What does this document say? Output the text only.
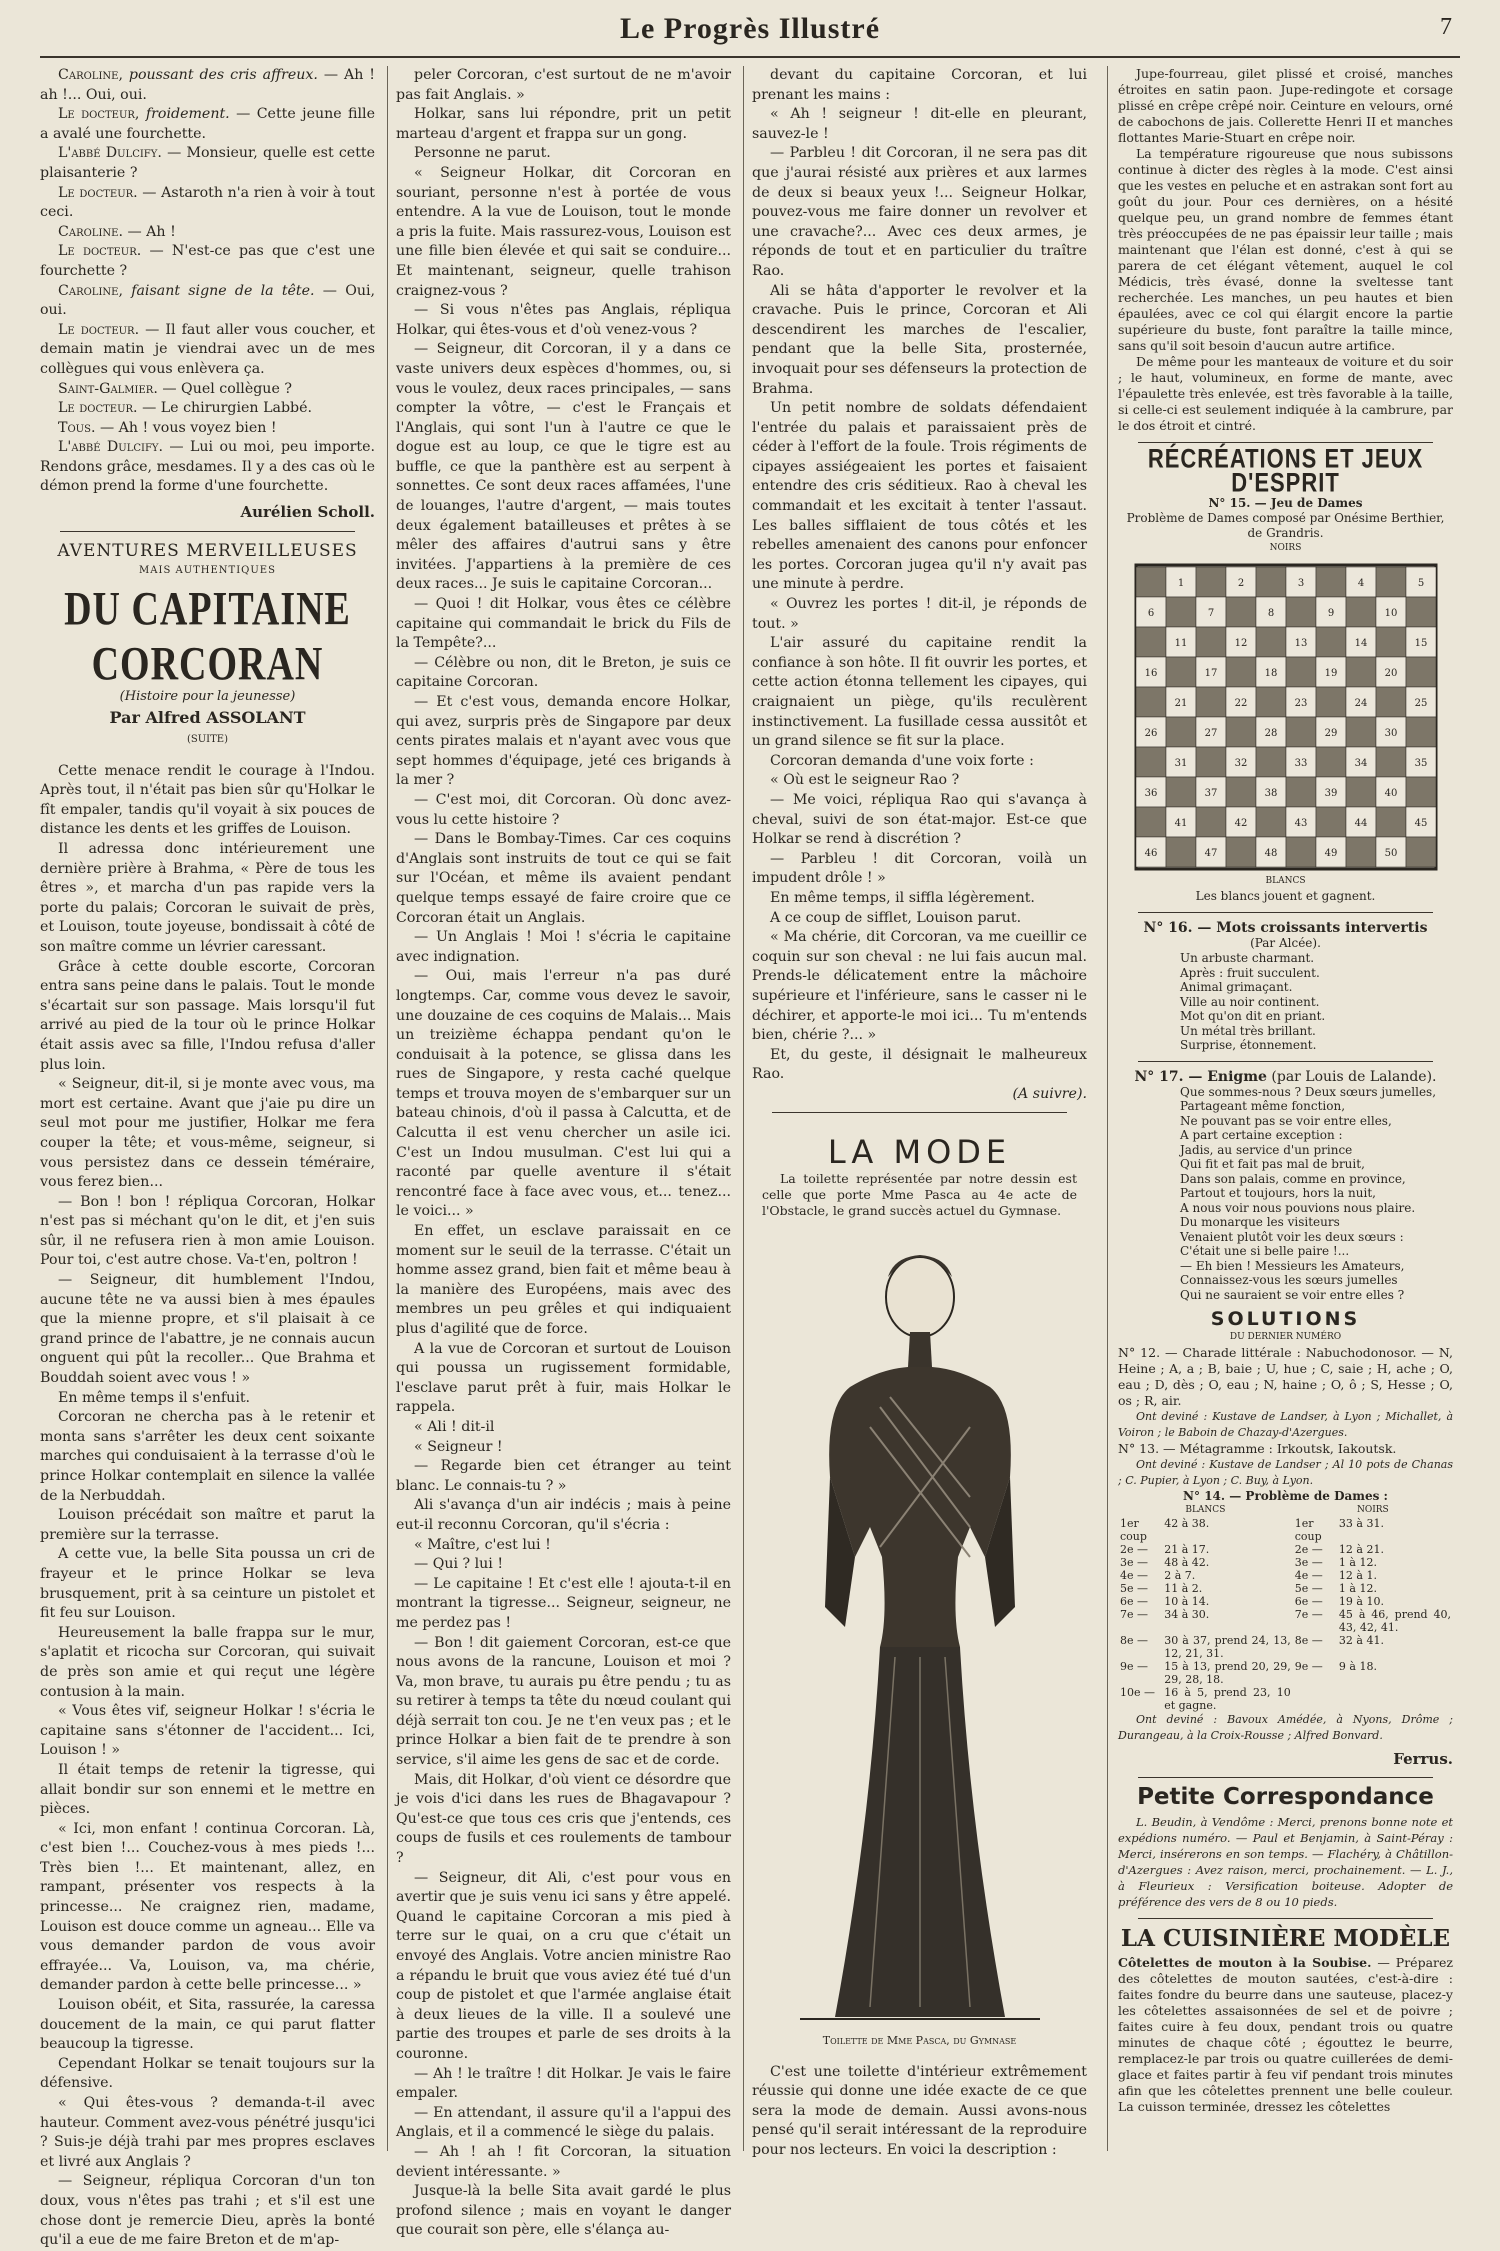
Le Progrès Illustré	7

Caroline, poussant des cris affreux. — Ah ! ah !... Oui, oui.

Le docteur, froidement. — Cette jeune fille a avalé une fourchette.

L'abbé Dulcify. — Monsieur, quelle est cette plaisanterie ?

Le docteur. — Astaroth n'a rien à voir à tout ceci.

Caroline. — Ah !

Le docteur. — N'est-ce pas que c'est une fourchette ?

Caroline, faisant signe de la tête. — Oui, oui.

Le docteur. — Il faut aller vous coucher, et demain matin je viendrai avec un de mes collègues qui vous enlèvera ça.

Saint-Galmier. — Quel collègue ?

Le docteur. — Le chirurgien Labbé.

Tous. — Ah ! vous voyez bien !

L'abbé Dulcify. — Lui ou moi, peu importe. Rendons grâce, mesdames. Il y a des cas où le démon prend la forme d'une fourchette.

Aurélien Scholl.
AVENTURES MERVEILLEUSES
MAIS AUTHENTIQUES
DU CAPITAINE CORCORAN
(Histoire pour la jeunesse)
Par Alfred ASSOLANT
(SUITE)

Cette menace rendit le courage à l'Indou. Après tout, il n'était pas bien sûr qu'Holkar le fît empaler, tandis qu'il voyait à six pouces de distance les dents et les griffes de Louison.

Il adressa donc intérieurement une dernière prière à Brahma, « Père de tous les êtres », et marcha d'un pas rapide vers la porte du palais; Corcoran le suivait de près, et Louison, toute joyeuse, bondissait à côté de son maître comme un lévrier caressant.

Grâce à cette double escorte, Corcoran entra sans peine dans le palais. Tout le monde s'écartait sur son passage. Mais lorsqu'il fut arrivé au pied de la tour où le prince Holkar était assis avec sa fille, l'Indou refusa d'aller plus loin.

« Seigneur, dit-il, si je monte avec vous, ma mort est certaine. Avant que j'aie pu dire un seul mot pour me justifier, Holkar me fera couper la tête; et vous-même, seigneur, si vous persistez dans ce dessein téméraire, vous ferez bien...

— Bon ! bon ! répliqua Corcoran, Holkar n'est pas si méchant qu'on le dit, et j'en suis sûr, il ne refusera rien à mon amie Louison. Pour toi, c'est autre chose. Va-t'en, poltron !

— Seigneur, dit humblement l'Indou, aucune tête ne va aussi bien à mes épaules que la mienne propre, et s'il plaisait à ce grand prince de l'abattre, je ne connais aucun onguent qui pût la recoller... Que Brahma et Bouddah soient avec vous ! »

En même temps il s'enfuit.

Corcoran ne chercha pas à le retenir et monta sans s'arrêter les deux cent soixante marches qui conduisaient à la terrasse d'où le prince Holkar contemplait en silence la vallée de la Nerbuddah.

Louison précédait son maître et parut la première sur la terrasse.

A cette vue, la belle Sita poussa un cri de frayeur et le prince Holkar se leva brusquement, prit à sa ceinture un pistolet et fit feu sur Louison.

Heureusement la balle frappa sur le mur, s'aplatit et ricocha sur Corcoran, qui suivait de près son amie et qui reçut une légère contusion à la main.

« Vous êtes vif, seigneur Holkar ! s'écria le capitaine sans s'étonner de l'accident... Ici, Louison ! »

Il était temps de retenir la tigresse, qui allait bondir sur son ennemi et le mettre en pièces.

« Ici, mon enfant ! continua Corcoran. Là, c'est bien !... Couchez-vous à mes pieds !... Très bien !... Et maintenant, allez, en rampant, présenter vos respects à la princesse... Ne craignez rien, madame, Louison est douce comme un agneau... Elle va vous demander pardon de vous avoir effrayée... Va, Louison, va, ma chérie, demander pardon à cette belle princesse... »

Louison obéit, et Sita, rassurée, la caressa doucement de la main, ce qui parut flatter beaucoup la tigresse.

Cependant Holkar se tenait toujours sur la défensive.

« Qui êtes-vous ? demanda-t-il avec hauteur. Comment avez-vous pénétré jusqu'ici ? Suis-je déjà trahi par mes propres esclaves et livré aux Anglais ?

— Seigneur, répliqua Corcoran d'un ton doux, vous n'êtes pas trahi ; et s'il est une chose dont je remercie Dieu, après la bonté qu'il a eue de me faire Breton et de m'ap-

peler Corcoran, c'est surtout de ne m'avoir pas fait Anglais. »

Holkar, sans lui répondre, prit un petit marteau d'argent et frappa sur un gong.

Personne ne parut.

« Seigneur Holkar, dit Corcoran en souriant, personne n'est à portée de vous entendre. A la vue de Louison, tout le monde a pris la fuite. Mais rassurez-vous, Louison est une fille bien élevée et qui sait se conduire... Et maintenant, seigneur, quelle trahison craignez-vous ?

— Si vous n'êtes pas Anglais, répliqua Holkar, qui êtes-vous et d'où venez-vous ?

— Seigneur, dit Corcoran, il y a dans ce vaste univers deux espèces d'hommes, ou, si vous le voulez, deux races principales, — sans compter la vôtre, — c'est le Français et l'Anglais, qui sont l'un à l'autre ce que le dogue est au loup, ce que le tigre est au buffle, ce que la panthère est au serpent à sonnettes. Ce sont deux races affamées, l'une de louanges, l'autre d'argent, — mais toutes deux également batailleuses et prêtes à se mêler des affaires d'autrui sans y être invitées. J'appartiens à la première de ces deux races... Je suis le capitaine Corcoran...

— Quoi ! dit Holkar, vous êtes ce célèbre capitaine qui commandait le brick du Fils de la Tempête?...

— Célèbre ou non, dit le Breton, je suis ce capitaine Corcoran.

— Et c'est vous, demanda encore Holkar, qui avez, surpris près de Singapore par deux cents pirates malais et n'ayant avec vous que sept hommes d'équipage, jeté ces brigands à la mer ?

— C'est moi, dit Corcoran. Où donc avez-vous lu cette histoire ?

— Dans le Bombay-Times. Car ces coquins d'Anglais sont instruits de tout ce qui se fait sur l'Océan, et même ils avaient pendant quelque temps essayé de faire croire que ce Corcoran était un Anglais.

— Un Anglais ! Moi ! s'écria le capitaine avec indignation.

— Oui, mais l'erreur n'a pas duré longtemps. Car, comme vous devez le savoir, une douzaine de ces coquins de Malais... Mais un treizième échappa pendant qu'on le conduisait à la potence, se glissa dans les rues de Singapore, y resta caché quelque temps et trouva moyen de s'embarquer sur un bateau chinois, d'où il passa à Calcutta, et de Calcutta il est venu chercher un asile ici. C'est un Indou musulman. C'est lui qui a raconté par quelle aventure il s'était rencontré face à face avec vous, et... tenez... le voici... »

En effet, un esclave paraissait en ce moment sur le seuil de la terrasse. C'était un homme assez grand, bien fait et même beau à la manière des Européens, mais avec des membres un peu grêles et qui indiquaient plus d'agilité que de force.

A la vue de Corcoran et surtout de Louison qui poussa un rugissement formidable, l'esclave parut prêt à fuir, mais Holkar le rappela.

« Ali ! dit-il

« Seigneur !

— Regarde bien cet étranger au teint blanc. Le connais-tu ? »

Ali s'avança d'un air indécis ; mais à peine eut-il reconnu Corcoran, qu'il s'écria :

« Maître, c'est lui !

— Qui ? lui !

— Le capitaine ! Et c'est elle ! ajouta-t-il en montrant la tigresse... Seigneur, seigneur, ne me perdez pas !

— Bon ! dit gaiement Corcoran, est-ce que nous avons de la rancune, Louison et moi ? Va, mon brave, tu aurais pu être pendu ; tu as su retirer à temps ta tête du nœud coulant qui déjà serrait ton cou. Je ne t'en veux pas ; et le prince Holkar a bien fait de te prendre à son service, s'il aime les gens de sac et de corde.

Mais, dit Holkar, d'où vient ce désordre que je vois d'ici dans les rues de Bhagavapour ? Qu'est-ce que tous ces cris que j'entends, ces coups de fusils et ces roulements de tambour ?

— Seigneur, dit Ali, c'est pour vous en avertir que je suis venu ici sans y être appelé. Quand le capitaine Corcoran a mis pied à terre sur le quai, on a cru que c'était un envoyé des Anglais. Votre ancien ministre Rao a répandu le bruit que vous aviez été tué d'un coup de pistolet et que l'armée anglaise était à deux lieues de la ville. Il a soulevé une partie des troupes et parle de ses droits à la couronne.

— Ah ! le traître ! dit Holkar. Je vais le faire empaler.

— En attendant, il assure qu'il a l'appui des Anglais, et il a commencé le siège du palais.

— Ah ! ah ! fit Corcoran, la situation devient intéressante. »

Jusque-là la belle Sita avait gardé le plus profond silence ; mais en voyant le danger que courait son père, elle s'élança au-

devant du capitaine Corcoran, et lui prenant les mains :

« Ah ! seigneur ! dit-elle en pleurant, sauvez-le !

— Parbleu ! dit Corcoran, il ne sera pas dit que j'aurai résisté aux prières et aux larmes de deux si beaux yeux !... Seigneur Holkar, pouvez-vous me faire donner un revolver et une cravache?... Avec ces deux armes, je réponds de tout et en particulier du traître Rao.

Ali se hâta d'apporter le revolver et la cravache. Puis le prince, Corcoran et Ali descendirent les marches de l'escalier, pendant que la belle Sita, prosternée, invoquait pour ses défenseurs la protection de Brahma.

Un petit nombre de soldats défendaient l'entrée du palais et paraissaient près de céder à l'effort de la foule. Trois régiments de cipayes assiégeaient les portes et faisaient entendre des cris séditieux. Rao à cheval les commandait et les excitait à tenter l'assaut. Les balles sifflaient de tous côtés et les rebelles amenaient des canons pour enfoncer les portes. Corcoran jugea qu'il n'y avait pas une minute à perdre.

« Ouvrez les portes ! dit-il, je réponds de tout. »

L'air assuré du capitaine rendit la confiance à son hôte. Il fit ouvrir les portes, et cette action étonna tellement les cipayes, qui craignaient un piège, qu'ils reculèrent instinctivement. La fusillade cessa aussitôt et un grand silence se fit sur la place.

Corcoran demanda d'une voix forte :

« Où est le seigneur Rao ?

— Me voici, répliqua Rao qui s'avança à cheval, suivi de son état-major. Est-ce que Holkar se rend à discrétion ?

— Parbleu ! dit Corcoran, voilà un impudent drôle ! »

En même temps, il siffla légèrement.

A ce coup de sifflet, Louison parut.

« Ma chérie, dit Corcoran, va me cueillir ce coquin sur son cheval : ne lui fais aucun mal. Prends-le délicatement entre la mâchoire supérieure et l'inférieure, sans le casser ni le déchirer, et apporte-le moi ici... Tu m'entends bien, chérie ?... »

Et, du geste, il désignait le malheureux Rao.

(A suivre).
LA MODE

La toilette représentée par notre dessin est celle que porte Mme Pasca au 4e acte de l'Obstacle, le grand succès actuel du Gymnase.

Toilette de Mme Pasca, du Gymnase

C'est une toilette d'intérieur extrêmement réussie qui donne une idée exacte de ce que sera la mode de demain. Aussi avons-nous pensé qu'il serait intéressant de la reproduire pour nos lecteurs. En voici la description :

Jupe-fourreau, gilet plissé et croisé, manches étroites en satin paon. Jupe-redingote et corsage plissé en crêpe crêpé noir. Ceinture en velours, orné de cabochons de jais. Collerette Henri II et manches flottantes Marie-Stuart en crêpe noir.

La température rigoureuse que nous subissons continue à dicter des règles à la mode. C'est ainsi que les vestes en peluche et en astrakan sont fort au goût du jour. Pour ces dernières, on a hésité quelque peu, un grand nombre de femmes étant très préoccupées de ne pas épaissir leur taille ; mais maintenant que l'élan est donné, c'est à qui se parera de cet élégant vêtement, auquel le col Médicis, très évasé, donne la sveltesse tant recherchée. Les manches, un peu hautes et bien épaulées, avec ce col qui élargit encore la partie supérieure du buste, font paraître la taille mince, sans qu'il soit besoin d'aucun autre artifice.

De même pour les manteaux de voiture et du soir ; le haut, volumineux, en forme de mante, avec l'épaulette très enlevée, est très favorable à la taille, si celle-ci est seulement indiquée à la cambrure, par le dos étroit et cintré.

RÉCRÉATIONS ET JEUX D'ESPRIT
N° 15. — Jeu de Dames
Problème de Dames composé par Onésime Berthier, de Grandris.
NOIRS
1	2	3	4	5
6	7	8	9	10
11	12	13	14	15
16	17	18	19	20
21	22	23	24	25
26	27	28	29	30
31	32	33	34	35
36	37	38	39	40
41	42	43	44	45
46	47	48	49	50
BLANCS
Les blancs jouent et gagnent.
N° 16. — Mots croissants intervertis
(Par Alcée).

Un arbuste charmant.

Après : fruit succulent.

Animal grimaçant.

Ville au noir continent.

Mot qu'on dit en priant.

Un métal très brillant.

Surprise, étonnement.

N° 17. — Enigme (par Louis de Lalande).

Que sommes-nous ? Deux sœurs jumelles,

Partageant même fonction,

Ne pouvant pas se voir entre elles,

A part certaine exception :

Jadis, au service d'un prince

Qui fit et fait pas mal de bruit,

Dans son palais, comme en province,

Partout et toujours, hors la nuit,

A nous voir nous pouvions nous plaire.

Du monarque les visiteurs

Venaient plutôt voir les deux sœurs :

C'était une si belle paire !...

— Eh bien ! Messieurs les Amateurs,

Connaissez-vous les sœurs jumelles

Qui ne sauraient se voir entre elles ?

SOLUTIONS
DU DERNIER NUMÉRO

N° 12. — Charade littérale : Nabuchodonosor. — N, Heine ; A, a ; B, baie ; U, hue ; C, saie ; H, ache ; O, eau ; D, dès ; O, eau ; N, haine ; O, ô ; S, Hesse ; O, os ; R, air.

Ont deviné : Kustave de Landser, à Lyon ; Michallet, à Voiron ; le Baboin de Chazay-d'Azergues.

N° 13. — Métagramme : Irkoutsk, Iakoutsk.

Ont deviné : Kustave de Landser ; Al 10 pots de Chanas ; C. Pupier, à Lyon ; C. Buy, à Lyon.

N° 14. — Problème de Dames :
BLANCS		NOIRS	
1er coup	42 à 38.	1er coup	33 à 31.
2e —	21 à 17.	2e —	12 à 21.
3e —	48 à 42.	3e —	1 à 12.
4e —	2 à 7.	4e —	12 à 1.
5e —	11 à 2.	5e —	1 à 12.
6e —	10 à 14.	6e —	19 à 10.
7e —	34 à 30.	7e —	45 à 46, prend 40, 43, 42, 41.
8e —	30 à 37, prend 24, 13, 12, 21, 31.	8e —	32 à 41.
9e —	15 à 13, prend 20, 29, 29, 28, 18.	9e —	9 à 18.
10e —	16 à 5, prend 23, 10 et gagne.		

Ont deviné : Bavoux Amédée, à Nyons, Drôme ; Durangeau, à la Croix-Rousse ; Alfred Bonvard.

Ferrus.
Petite Correspondance

L. Beudin, à Vendôme : Merci, prenons bonne note et expédions numéro. — Paul et Benjamin, à Saint-Péray : Merci, insérerons en son temps. — Flachéry, à Châtillon-d'Azergues : Avez raison, merci, prochainement. — L. J., à Fleurieux : Versification boiteuse. Adopter de préférence des vers de 8 ou 10 pieds.

LA CUISINIÈRE MODÈLE

Côtelettes de mouton à la Soubise. — Préparez des côtelettes de mouton sautées, c'est-à-dire : faites fondre du beurre dans une sauteuse, placez-y les côtelettes assaisonnées de sel et de poivre ; faites cuire à feu doux, pendant trois ou quatre minutes de chaque côté ; égouttez le beurre, remplacez-le par trois ou quatre cuillerées de demi-glace et faites partir à feu vif pendant trois minutes afin que les côtelettes prennent une belle couleur. La cuisson terminée, dressez les côtelettes
